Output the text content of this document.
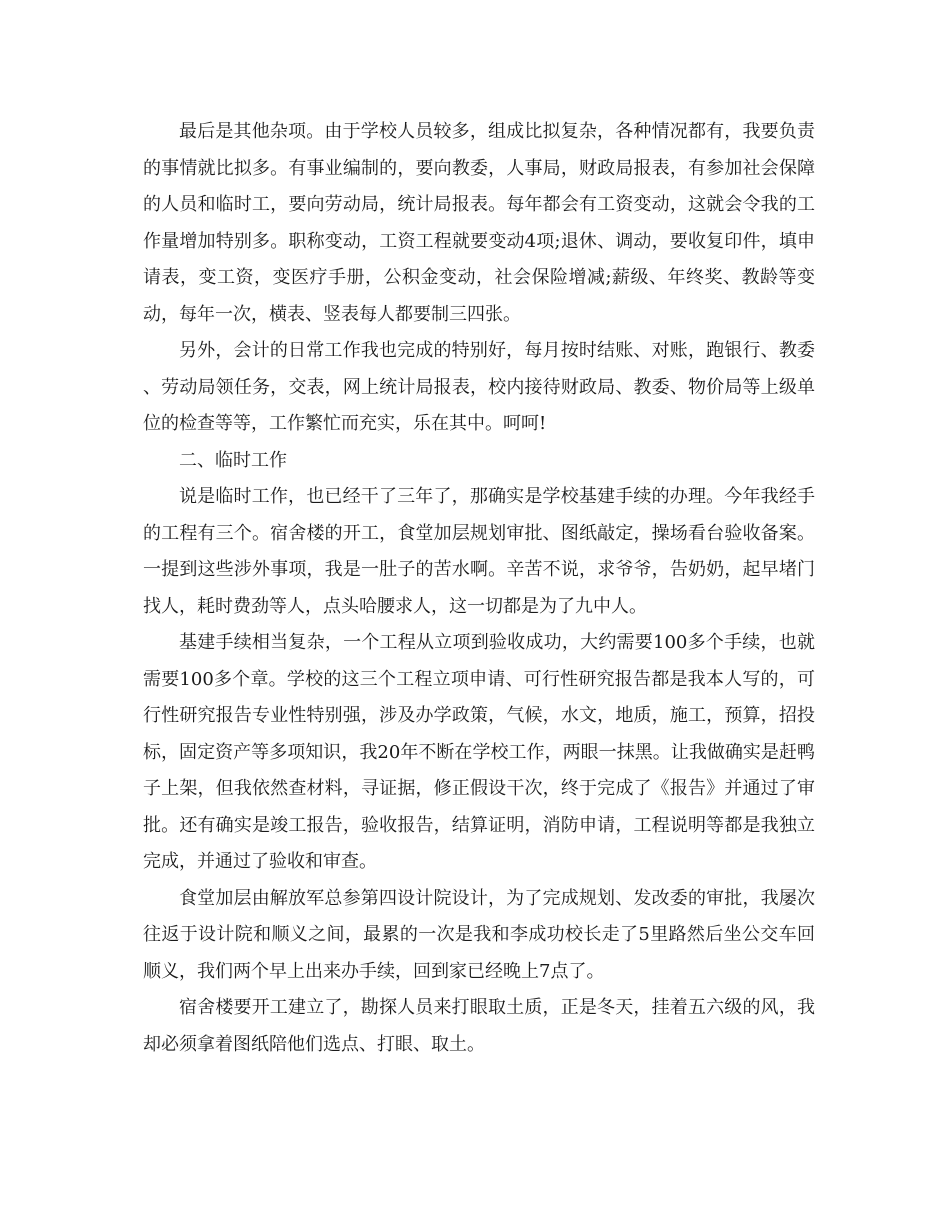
最后是其他杂项。由于学校人员较多，组成比拟复杂，各种情况都有，我要负责的事情就比拟多。有事业编制的，要向教委，人事局，财政局报表，有参加社会保障的人员和临时工，要向劳动局，统计局报表。每年都会有工资变动，这就会令我的工作量增加特别多。职称变动，工资工程就要变动4项;退休、调动，要收复印件，填申请表，变工资，变医疗手册，公积金变动，社会保险增减;薪级、年终奖、教龄等变动，每年一次，横表、竖表每人都要制三四张。

另外，会计的日常工作我也完成的特别好，每月按时结账、对账，跑银行、教委、劳动局领任务，交表，网上统计局报表，校内接待财政局、教委、物价局等上级单位的检查等等，工作繁忙而充实，乐在其中。呵呵!

二、临时工作

说是临时工作，也已经干了三年了，那确实是学校基建手续的办理。今年我经手的工程有三个。宿舍楼的开工，食堂加层规划审批、图纸敲定，操场看台验收备案。一提到这些涉外事项，我是一肚子的苦水啊。辛苦不说，求爷爷，告奶奶，起早堵门找人，耗时费劲等人，点头哈腰求人，这一切都是为了九中人。

基建手续相当复杂，一个工程从立项到验收成功，大约需要100多个手续，也就需要100多个章。学校的这三个工程立项申请、可行性研究报告都是我本人写的，可行性研究报告专业性特别强，涉及办学政策，气候，水文，地质，施工，预算，招投标，固定资产等多项知识，我20年不断在学校工作，两眼一抹黑。让我做确实是赶鸭子上架，但我依然查材料，寻证据，修正假设干次，终于完成了《报告》并通过了审批。还有确实是竣工报告，验收报告，结算证明，消防申请，工程说明等都是我独立完成，并通过了验收和审查。

食堂加层由解放军总参第四设计院设计，为了完成规划、发改委的审批，我屡次往返于设计院和顺义之间，最累的一次是我和李成功校长走了5里路然后坐公交车回顺义，我们两个早上出来办手续，回到家已经晚上7点了。

宿舍楼要开工建立了，勘探人员来打眼取土质，正是冬天，挂着五六级的风，我却必须拿着图纸陪他们选点、打眼、取土。
